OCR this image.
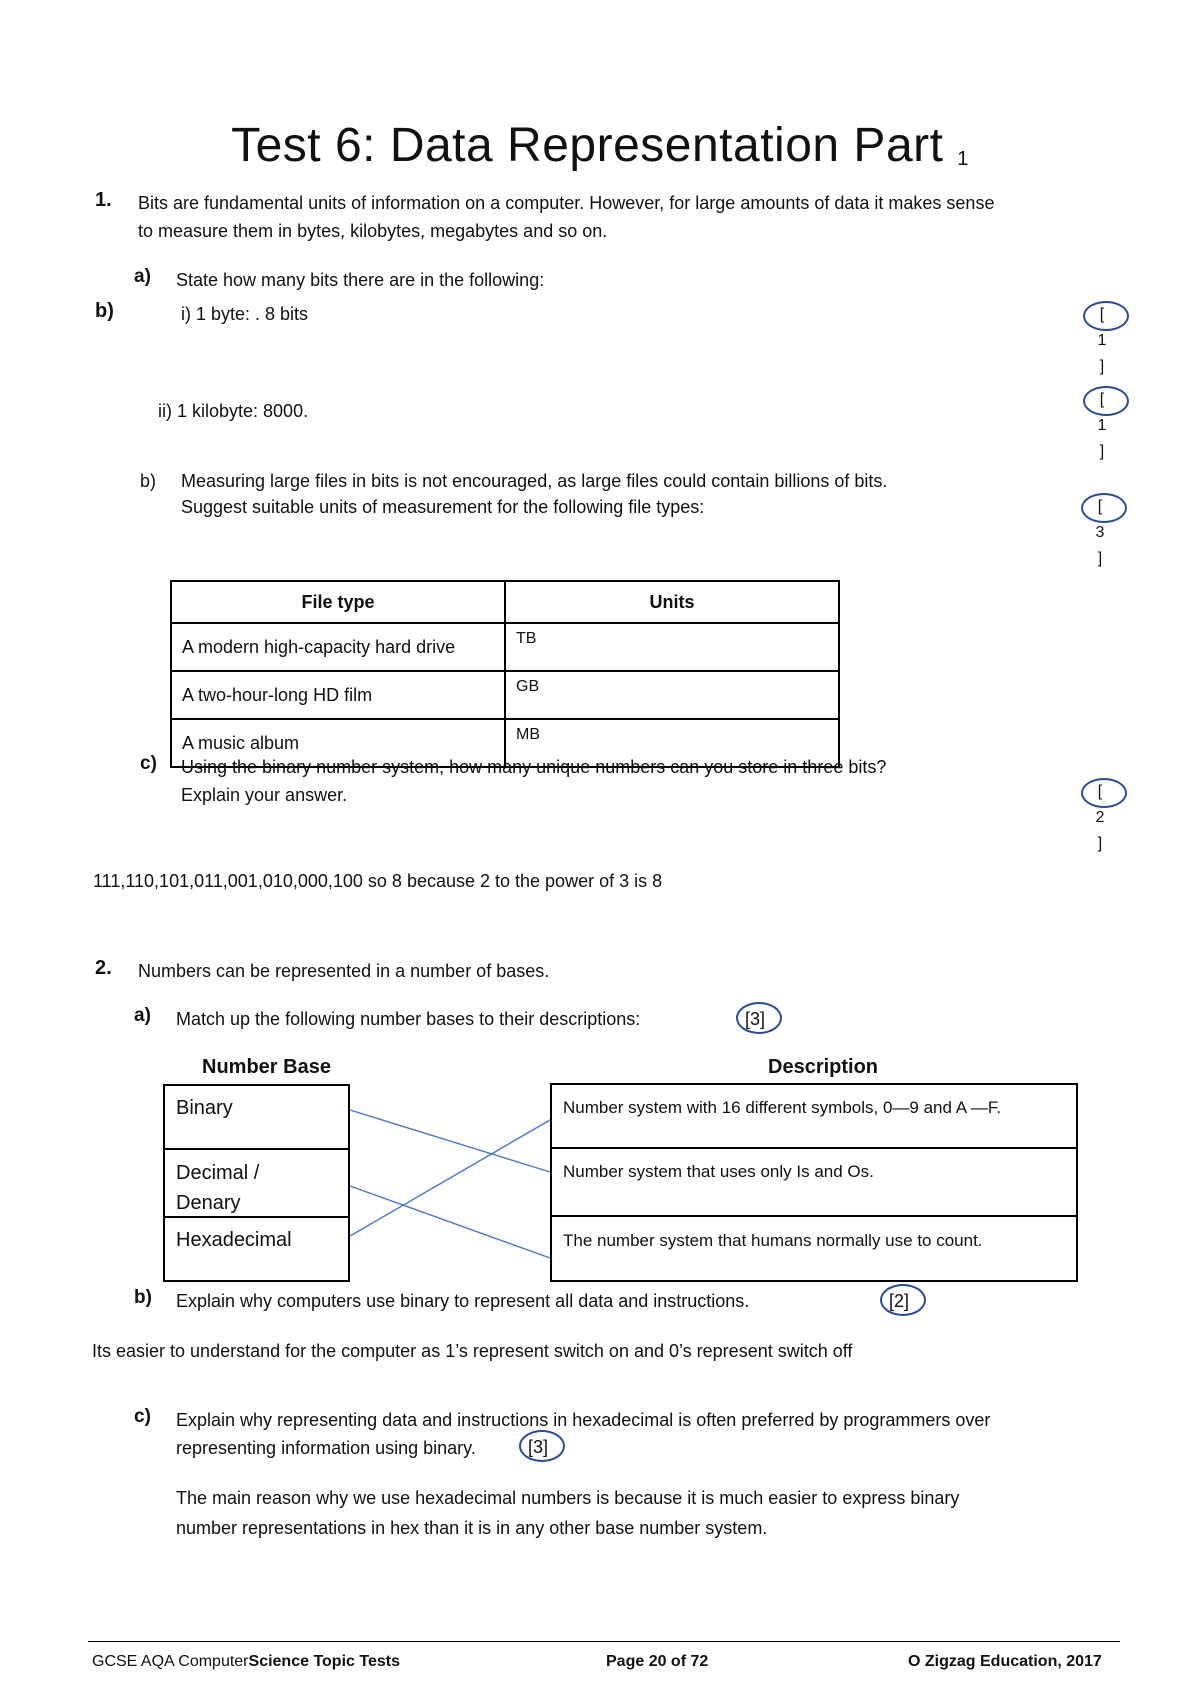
Test 6: Data Representation Part $_1$
1. Bits are fundamental units of information on a computer. However, for large amounts of data it makes sense
to measure them in bytes, kilobytes, megabytes and so on.
a) State how many bits there are in the following:
b)	i) 1 byte: . 8 bits
ii) 1 kilobyte: 8000.
[
1
]
[
1
]
b) Measuring large files in bits is not encouraged, as large files could contain billions of bits.
Suggest suitable units of measurement for the following file types:	[
3
]
File type	Units
A modern high-capacity hard drive	TB
A two-hour-long HD film	GB
A music album	MB
c) Using the binary number system, how many unique numbers can you store in three bits?
Explain your answer.	[
2
]
111,110,101,011,001,010,000,100 so 8 because 2 to the power of 3 is 8
2. Numbers can be represented in a number of bases.
a) Match up the following number bases to their descriptions:	[3]
Number Base	Description
Binary
Decimal / Denary
Hexadecimal
Number system with 16 different symbols, 0—9 and A —F.
Number system that uses only Is and Os.
The number system that humans normally use to count.
b) Explain why computers use binary to represent all data and instructions.	[2]
Its easier to understand for the computer as 1’s represent switch on and 0’s represent switch off
c) Explain why representing data and instructions in hexadecimal is often preferred by programmers over
representing information using binary.	[3]
The main reason why we use hexadecimal numbers is because it is much easier to express binary
number representations in hex than it is in any other base number system.
GCSE AQA ComputerScience Topic Tests	Page 20 of 72	O Zigzag Education, 2017
